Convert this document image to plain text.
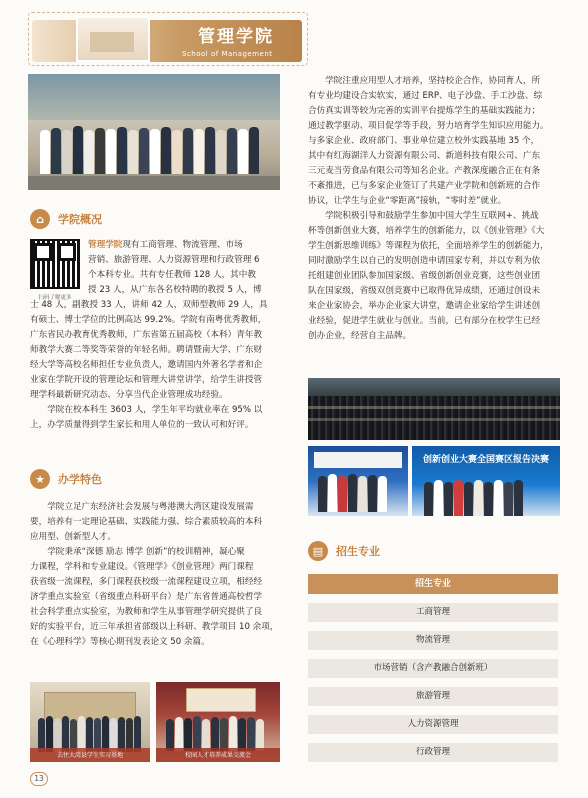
管理学院
School of Management
⌂	学院概况
扫码了解更多
管理学院现有工商管理、物流管理、市场
营销、旅游管理、人力资源管理和行政管理 6
个本科专业。共有专任教师 128 人，其中教
授 23 人，从广东各名校特聘的教授 5 人，博
士 48 人，副教授 33 人，讲师 42 人，双师型教师 29 人，具
有硕士、博士学位的比例高达 99.2%。学院有南粤优秀教师，
广东省民办教育优秀教师，广东省第五届高校（本科）青年教
师教学大赛二等奖等荣誉的年轻名师。聘请暨南大学、广东财
经大学等高校名师担任专业负责人，邀请国内外著名学者和企
业家在学院开设的管理论坛和管理大讲堂讲学，给学生讲授管
理学科最新研究动态、分享当代企业管理成功经验。
　　学院在校本科生 3603 人，学生年平均就业率在 95% 以
上，办学质量得到学生家长和用人单位的一致认可和好评。
★	办学特色
　　学院立足广东经济社会发展与粤港澳大湾区建设发展需
要，培养有一定理论基础、实践能力强、综合素质较高的本科
应用型、创新型人才。
　　学院秉承“深德 励志 博学 创新”的校训精神，凝心聚
力课程，学科和专业建设。《管理学》《创业管理》两门课程
获省级一流课程，多门课程获校级一流课程建设立项，相经经
济学重点实验室（省级重点科研平台）是广东省普通高校哲学
社会科学重点实验室，为教师和学生从事管理学研究提供了良
好的实验平台，近三年承担省部级以上科研、教学项目 10 余项，
在《心理科学》等核心期刊发表论文 50 余篇。
去往大湾县学生实习基地	校园人才培养成果交流会
　　学院注重应用型人才培养，坚持校企合作，协同育人，所
有专业均建设合实软实，通过 ERP、电子沙盘、手工沙盘、综
合仿真实训等较为完善的实训平台提炼学生的基础实践能力；
通过教学驱动、项目促学等手段，努力培育学生知识应用能力。
与多家企业、政府部门、事业单位建立校外实践基地 35 个，
其中有红海湖洋人力资源有限公司、新道科技有限公司、广东
三元麦当劳食品有限公司等知名企业。产教深度融合正在有条
不紊推进，已与多家企业签订了共建产业学院和创新班的合作
协议，让学生与企业“零距离”接轨，“零时差”就业。
　　学院积极引导和鼓励学生参加中国大学生互联网+、挑战
杯等创新创业大赛，培养学生的创新能力，以《创业管理》《大
学生创新思维训练》等课程为依托，全面培养学生的创新能力，
同时激励学生以自己的发明创造申请国家专利，并以专利为依
托组建创业团队参加国家级、省级创新创业竞赛，这些创业团
队在国家级，省级双创竞赛中已取得优异成绩，还通过创设未
来企业家协会，举办企业家大讲堂，邀请企业家给学生讲述创
业经验，促进学生就业与创业。当前，已有部分在校学生已经
创办企业，经营自主品牌。
创新创业大赛全国赛区报告决赛
▤	招生专业
招生专业
工商管理
物流管理
市场营销（含产教融合创新班）
旅游管理
人力资源管理
行政管理
13
